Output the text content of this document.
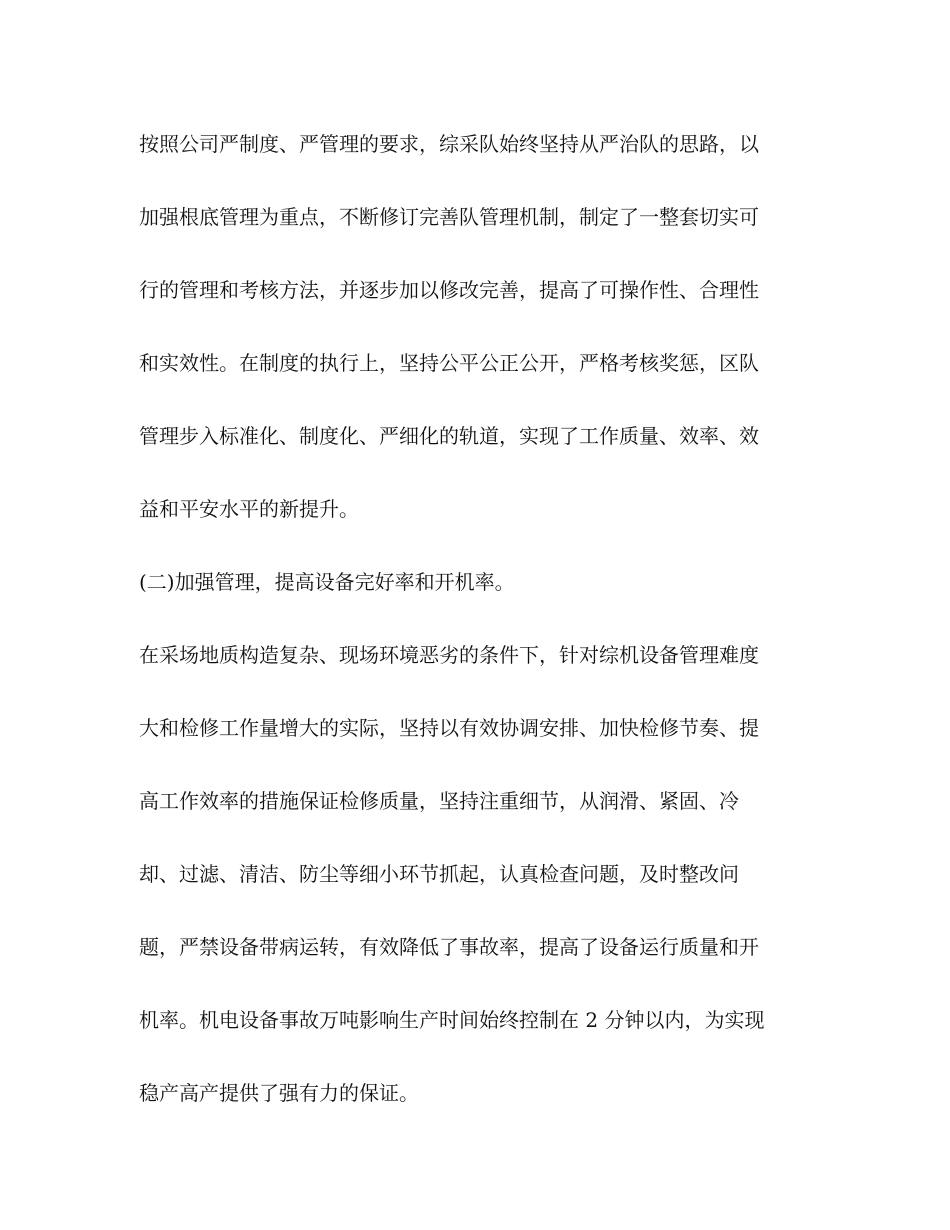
按照公司严制度、严管理的要求，综采队始终坚持从严治队的思路，以
加强根底管理为重点，不断修订完善队管理机制，制定了一整套切实可
行的管理和考核方法，并逐步加以修改完善，提高了可操作性、合理性
和实效性。在制度的执行上，坚持公平公正公开，严格考核奖惩，区队
管理步入标准化、制度化、严细化的轨道，实现了工作质量、效率、效
益和平安水平的新提升。
(二)加强管理，提高设备完好率和开机率。
在采场地质构造复杂、现场环境恶劣的条件下，针对综机设备管理难度
大和检修工作量增大的实际，坚持以有效协调安排、加快检修节奏、提
高工作效率的措施保证检修质量，坚持注重细节，从润滑、紧固、冷
却、过滤、清洁、防尘等细小环节抓起，认真检查问题，及时整改问
题，严禁设备带病运转，有效降低了事故率，提高了设备运行质量和开
机率。机电设备事故万吨影响生产时间始终控制在 2 分钟以内，为实现
稳产高产提供了强有力的保证。
